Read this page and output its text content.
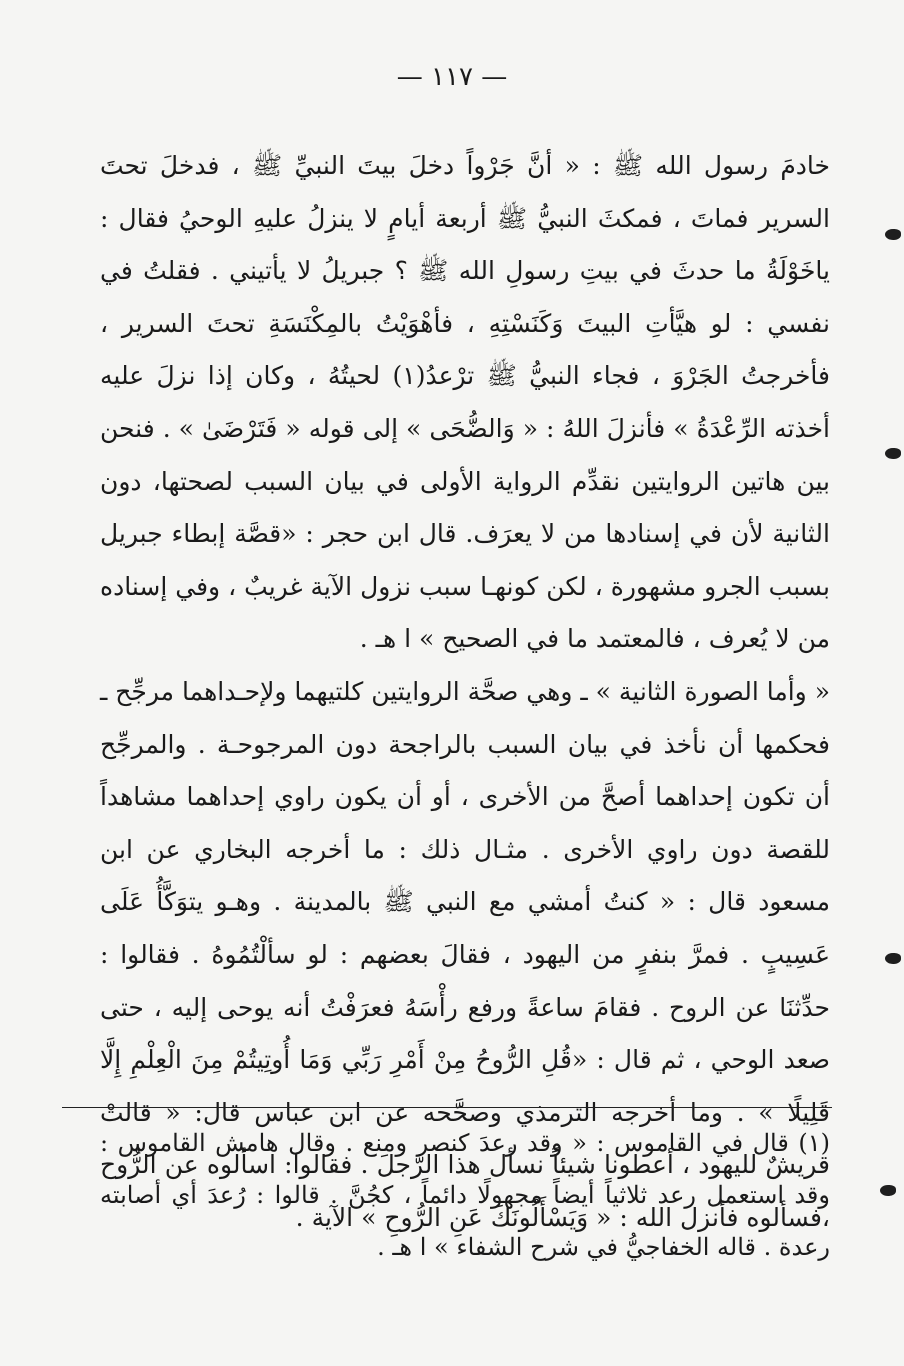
— ١١٧ —

خادمَ رسول الله ﷺ : « أنَّ جَرْواً دخلَ بيتَ النبيِّ ﷺ ، فدخلَ تحتَ السرير فماتَ ، فمكثَ النبيُّ ﷺ أربعة أيامٍ لا ينزلُ عليهِ الوحيُ فقال : ياخَوْلَةُ ما حدثَ في بيتِ رسولِ الله ﷺ ؟ جبريلُ لا يأتيني . فقلتُ في نفسي : لو هيَّأتِ البيتَ وَكَنَسْتِهِ ، فأهْوَيْتُ بالمِكْنَسَةِ تحتَ السرير ، فأخرجتُ الجَرْوَ ، فجاء النبيُّ ﷺ ترْعدُ(١) لحيتُهُ ، وكان إذا نزلَ عليه أخذته الرِّعْدَةُ » فأنزلَ اللهُ : « وَالضُّحَى » إلى قوله « فَتَرْضَىٰ » . فنحن بين هاتين الروايتين نقدِّم الرواية الأولى في بيان السبب لصحتها، دون الثانية لأن في إسنادها من لا يعرَف. قال ابن حجر : «قصَّة إبطاء جبريل بسبب الجرو مشهورة ، لكن كونهـا سبب نزول الآية غريبٌ ، وفي إسناده من لا يُعرف ، فالمعتمد ما في الصحيح » ا هـ .

« وأما الصورة الثانية » ـ وهي صحَّة الروايتين كلتيهما ولإحـداهما مرجِّح ـ فحكمها أن نأخذ في بيان السبب بالراجحة دون المرجوحـة . والمرجِّح أن تكون إحداهما أصحَّ من الأخرى ، أو أن يكون راوي إحداهما مشاهداً للقصة دون راوي الأخرى . مثـال ذلك : ما أخرجه البخاري عن ابن مسعود قال : « كنتُ أمشي مع النبي ﷺ بالمدينة . وهـو يتوَكَّأُ عَلَى عَسِيبٍ . فمرَّ بنفرٍ من اليهود ، فقالَ بعضهم : لو سألْتُمُوهُ . فقالوا : حدِّثنَا عن الروح . فقامَ ساعةً ورفع رأْسَهُ فعرَفْتُ أنه يوحى إليه ، حتى صعد الوحي ، ثم قال : «قُلِ الرُّوحُ مِنْ أَمْرِ رَبِّي وَمَا أُوتِيتُمْ مِنَ الْعِلْمِ إِلَّا قَلِيلًا » . وما أخرجه الترمذي وصحَّحه عن ابن عباس قال: « قالتْ قريشٌ لليهود ، أعطونا شيئاً نسأل هذا الرَّجلَ . فقالوا: اسألوه عن الرُّوح ،فسألوه فأنزل الله : « وَيَسْأَلُونَكَ عَنِ الرُّوحِ » الآية .

(١) قال في القاموس : « وقد رعدَ كنصر ومنع . وقال هامش القاموس : وقد استعمل رعد ثلاثياً أيضاً مجهولًا دائماً ، كجُنَّ . قالوا : رُعدَ أي أصابته رعدة . قاله الخفاجيُّ في شرح الشفاء » ا هـ .
